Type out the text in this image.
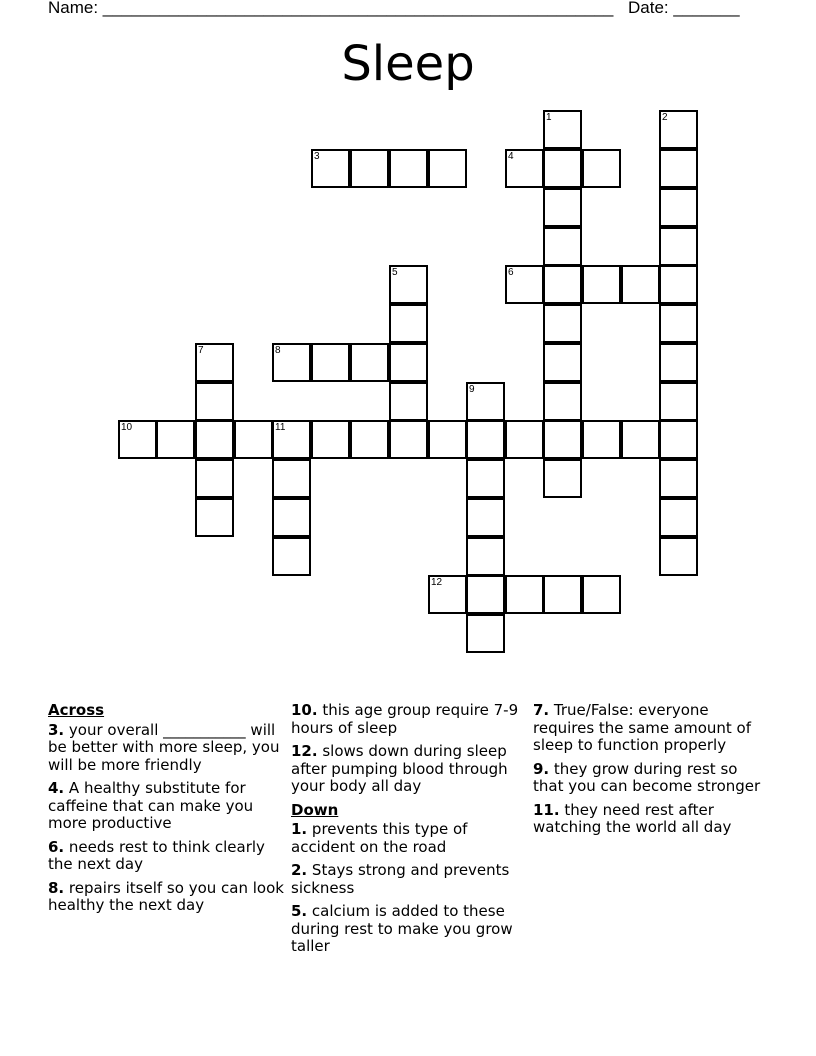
Name: ______________________________________________________ Date: _______
Sleep
1	2
3	4
5	6
7	8
9
10	11
12
Across
3. your overall ___________ will be better with more sleep, you will be more friendly
4. A healthy substitute for caffeine that can make you more productive
6. needs rest to think clearly the next day
8. repairs itself so you can look healthy the next day
10. this age group require 7-9 hours of sleep
12. slows down during sleep after pumping blood through your body all day
Down
1. prevents this type of accident on the road
2. Stays strong and prevents sickness
5. calcium is added to these during rest to make you grow taller
7. True/False: everyone requires the same amount of sleep to function properly
9. they grow during rest so that you can become stronger
11. they need rest after watching the world all day
